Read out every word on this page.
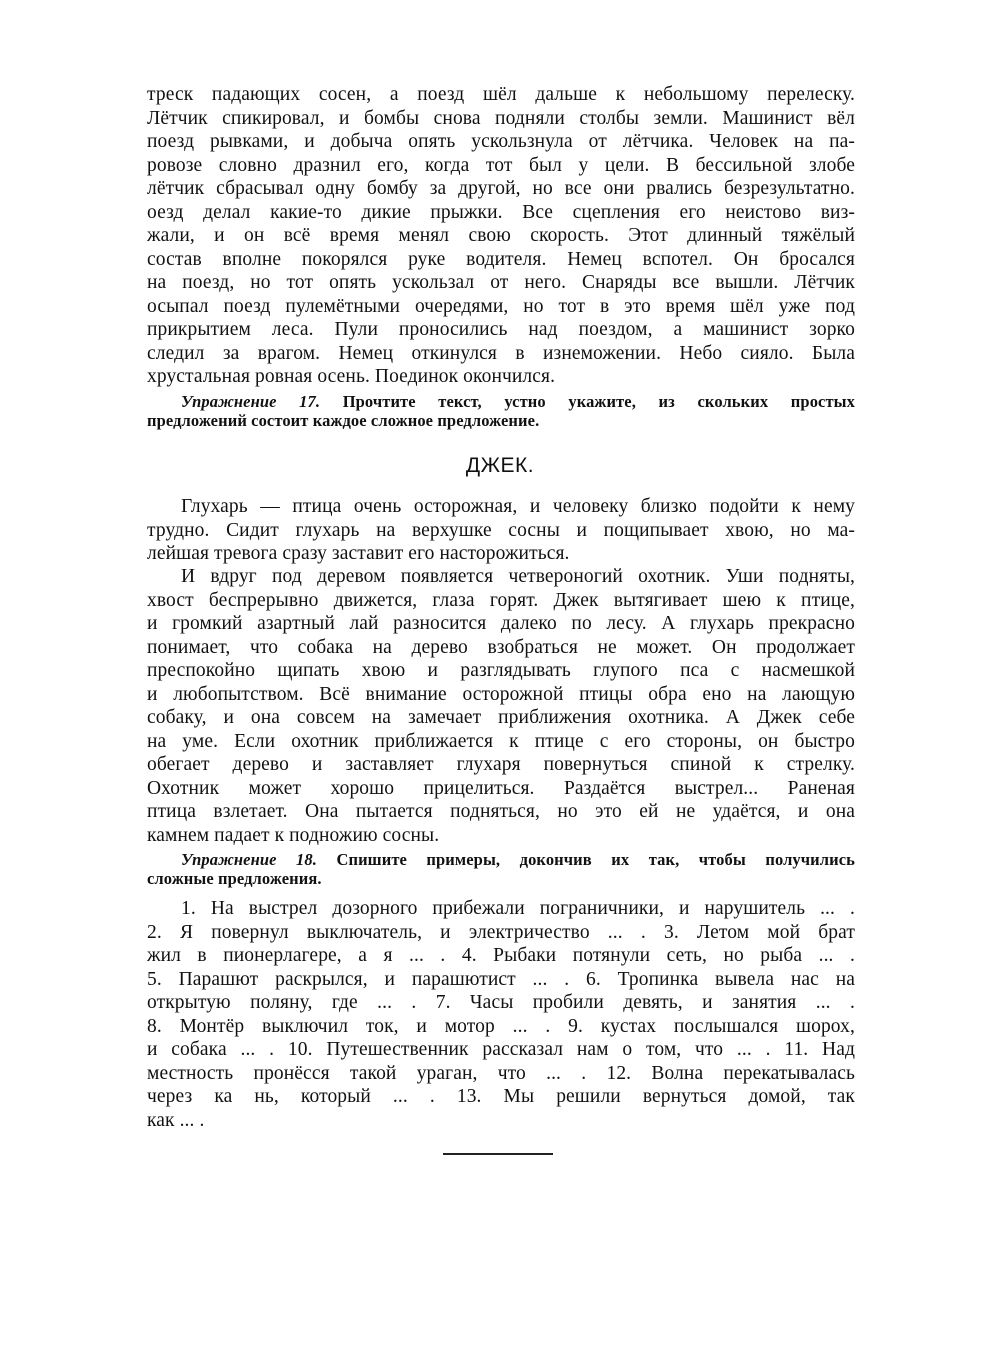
треск падающих сосен, а поезд шёл дальше к небольшому перелеску.
Лётчик спикировал, и бомбы снова подняли столбы земли. Машинист вёл
поезд рывками, и добыча опять ускользнула от лётчика. Человек на па-
ровозе словно дразнил его, когда тот был у цели. В бессильной злобе
лётчик сбрасывал одну бомбу за другой, но все они рвались безрезультатно.
оезд делал какие-то дикие прыжки. Все сцепления его неистово виз-
жали, и он всё время менял свою скорость. Этот длинный тяжёлый
состав вполне покорялся руке водителя. Немец вспотел. Он бросался
на поезд, но тот опять ускользал от него. Снаряды все вышли. Лётчик
осыпал поезд пулемётными очередями, но тот в это время шёл уже под
прикрытием леса. Пули проносились над поездом, а машинист зорко
следил за врагом. Немец откинулся в изнеможении. Небо сияло. Была
хрустальная ровная осень. Поединок окончился.
Упражнение 17. Прочтите текст, устно укажите, из скольких простых
предложений состоит каждое сложное предложение.
ДЖЕК.
Глухарь — птица очень осторожная, и человеку близко подойти к нему
трудно. Сидит глухарь на верхушке сосны и пощипывает хвою, но ма-
лейшая тревога сразу заставит его насторожиться.
И вдруг под деревом появляется четвероногий охотник. Уши подняты,
хвост беспрерывно движется, глаза горят. Джек вытягивает шею к птице,
и громкий азартный лай разносится далеко по лесу. А глухарь прекрасно
понимает, что собака на дерево взобраться не может. Он продолжает
преспокойно щипать хвою и разглядывать глупого пса с насмешкой
и любопытством. Всё внимание осторожной птицы обра ено на лающую
собаку, и она совсем на замечает приближения охотника. А Джек себе
на уме. Если охотник приближается к птице с его стороны, он быстро
обегает дерево и заставляет глухаря повернуться спиной к стрелку.
Охотник может хорошо прицелиться. Раздаётся выстрел... Раненая
птица взлетает. Она пытается подняться, но это ей не удаётся, и она
камнем падает к подножию сосны.
Упражнение 18. Спишите примеры, докончив их так, чтобы получились
сложные предложения.
1. На выстрел дозорного прибежали пограничники, и нарушитель ... .
2. Я повернул выключатель, и электричество ... . 3. Летом мой брат
жил в пионерлагере, а я ... . 4. Рыбаки потянули сеть, но рыба ... .
5. Парашют раскрылся, и парашютист ... . 6. Тропинка вывела нас на
открытую поляну, где ... . 7. Часы пробили девять, и занятия ... .
8. Монтёр выключил ток, и мотор ... . 9. кустах послышался шорох,
и собака ... . 10. Путешественник рассказал нам о том, что ... . 11. Над
местность пронёсся такой ураган, что ... . 12. Волна перекатывалась
через ка нь, который ... . 13. Мы решили вернуться домой, так
как ... .
